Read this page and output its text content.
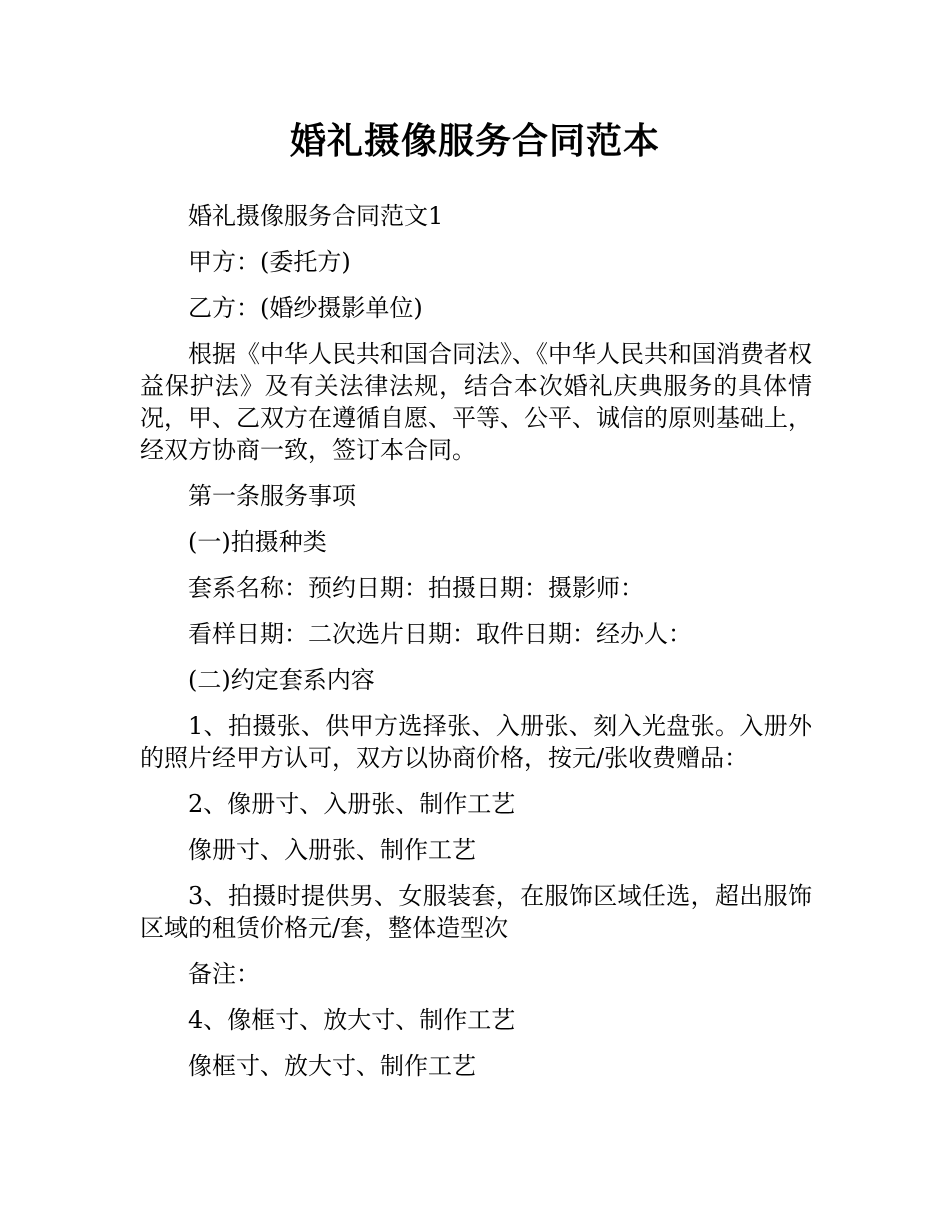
婚礼摄像服务合同范本

婚礼摄像服务合同范文1

甲方：(委托方)

乙方：(婚纱摄影单位)

根据《中华人民共和国合同法》、《中华人民共和国消费者权益保护法》及有关法律法规，结合本次婚礼庆典服务的具体情况，甲、乙双方在遵循自愿、平等、公平、诚信的原则基础上，经双方协商一致，签订本合同。

第一条服务事项

(一)拍摄种类

套系名称：预约日期：拍摄日期：摄影师：

看样日期：二次选片日期：取件日期：经办人：

(二)约定套系内容

1、拍摄张、供甲方选择张、入册张、刻入光盘张。入册外的照片经甲方认可，双方以协商价格，按元/张收费赠品：

2、像册寸、入册张、制作工艺

像册寸、入册张、制作工艺

3、拍摄时提供男、女服装套，在服饰区域任选，超出服饰区域的租赁价格元/套，整体造型次

备注：

4、像框寸、放大寸、制作工艺

像框寸、放大寸、制作工艺
